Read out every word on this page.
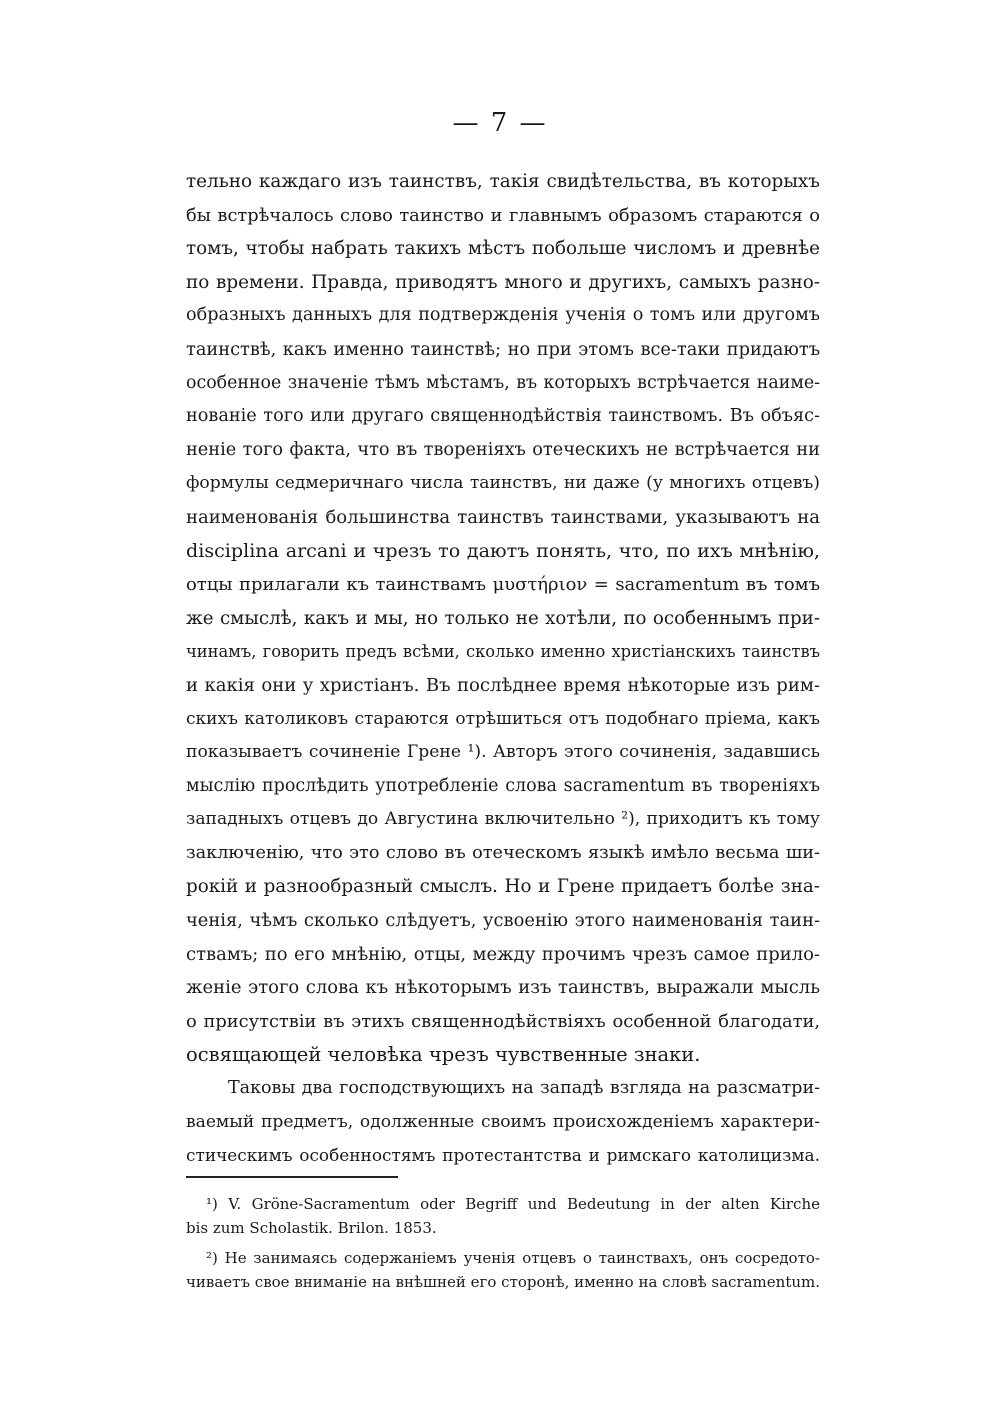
— 7 —
тельно каждаго изъ таинствъ, такія свидѣтельства, въ которыхъ
бы встрѣчалось слово таинство и главнымъ образомъ стараются о
томъ, чтобы набрать такихъ мѣстъ побольше числомъ и древнѣе
по времени. Правда, приводятъ много и другихъ, самыхъ разно-
образныхъ данныхъ для подтвержденія ученія о томъ или другомъ
таинствѣ, какъ именно таинствѣ; но при этомъ все-таки придаютъ
особенное значеніе тѣмъ мѣстамъ, въ которыхъ встрѣчается наиме-
нованіе того или другаго священнодѣйствія таинствомъ. Въ объяс-
неніе того факта, что въ твореніяхъ отеческихъ не встрѣчается ни
формулы седмеричнаго числа таинствъ, ни даже (у многихъ отцевъ)
наименованія большинства таинствъ таинствами, указываютъ на
disciplina arcani и чрезъ то даютъ понять, что, по ихъ мнѣнію,
отцы прилагали къ таинствамъ μυστήριον = sacramentum въ томъ
же смыслѣ, какъ и мы, но только не хотѣли, по особеннымъ при-
чинамъ, говорить предъ всѣми, сколько именно христіанскихъ таинствъ
и какія они у христіанъ. Въ послѣднее время нѣкоторые изъ рим-
скихъ католиковъ стараются отрѣшиться отъ подобнаго пріема, какъ
показываетъ сочиненіе Грене ¹). Авторъ этого сочиненія, задавшись
мыслію прослѣдить употребленіе слова sacramentum въ твореніяхъ
западныхъ отцевъ до Августина включительно ²), приходитъ къ тому
заключенію, что это слово въ отеческомъ языкѣ имѣло весьма ши-
рокій и разнообразный смыслъ. Но и Грене придаетъ болѣе зна-
ченія, чѣмъ сколько слѣдуетъ, усвоенію этого наименованія таин-
ствамъ; по его мнѣнію, отцы, между прочимъ чрезъ самое прило-
женіе этого слова къ нѣкоторымъ изъ таинствъ, выражали мысль
о присутствіи въ этихъ священнодѣйствіяхъ особенной благодати,
освящающей человѣка чрезъ чувственные знаки.
Таковы два господствующихъ на западѣ взгляда на разсматри-
ваемый предметъ, одолженные своимъ происхожденіемъ характери-
стическимъ особенностямъ протестантства и римскаго католицизма.
¹) V. Gröne-Sacramentum oder Begriff und Bedeutung in der alten Kirche
bis zum Scholastik. Brilon. 1853.
²) Не занимаясь содержаніемъ ученія отцевъ о таинствахъ, онъ сосредото-
чиваетъ свое вниманіе на внѣшней его сторонѣ, именно на словѣ sacramentum.
